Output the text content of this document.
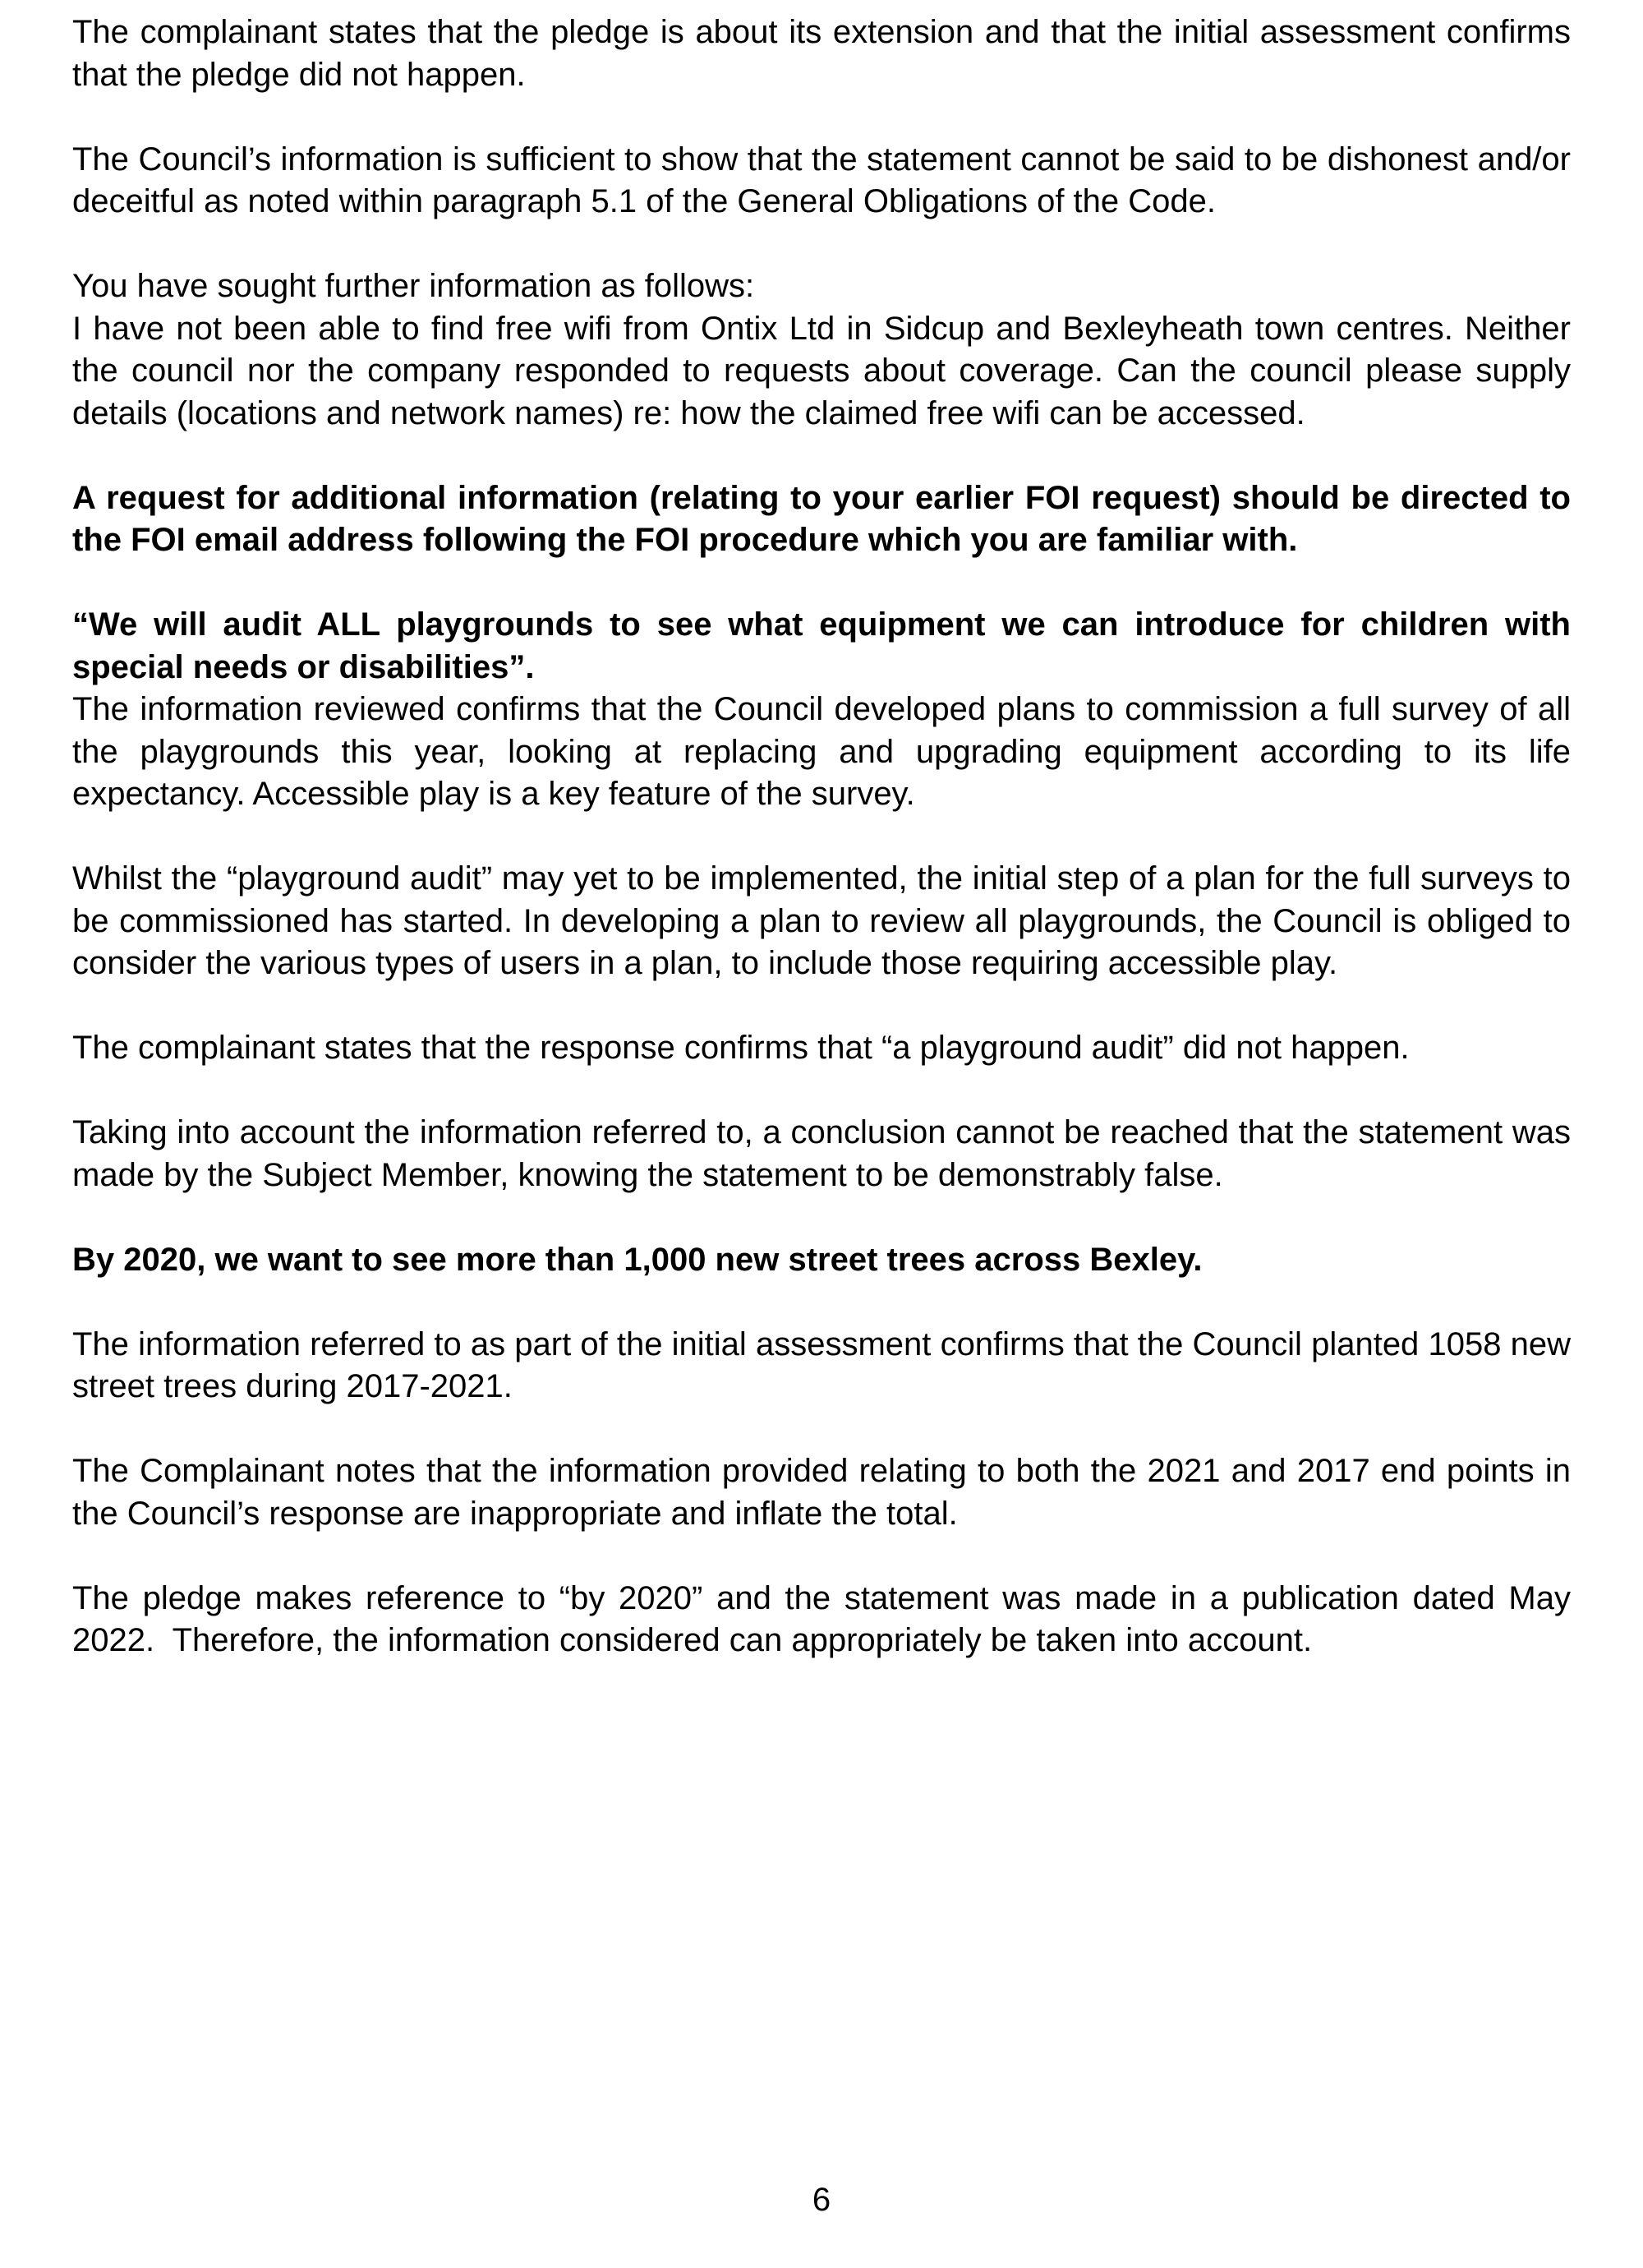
The complainant states that the pledge is about its extension and that the initial assessment confirms that the pledge did not happen.

The Council’s information is sufficient to show that the statement cannot be said to be dishonest and/or deceitful as noted within paragraph 5.1 of the General Obligations of the Code.

You have sought further information as follows:

I have not been able to find free wifi from Ontix Ltd in Sidcup and Bexleyheath town centres. Neither the council nor the company responded to requests about coverage. Can the council please supply details (locations and network names) re: how the claimed free wifi can be accessed.

A request for additional information (relating to your earlier FOI request) should be directed to the FOI email address following the FOI procedure which you are familiar with.

“We will audit ALL playgrounds to see what equipment we can introduce for children with special needs or disabilities”.

The information reviewed confirms that the Council developed plans to commission a full survey of all the playgrounds this year, looking at replacing and upgrading equipment according to its life expectancy. Accessible play is a key feature of the survey.

Whilst the “playground audit” may yet to be implemented, the initial step of a plan for the full surveys to be commissioned has started. In developing a plan to review all playgrounds, the Council is obliged to consider the various types of users in a plan, to include those requiring accessible play.

The complainant states that the response confirms that “a playground audit” did not happen.

Taking into account the information referred to, a conclusion cannot be reached that the statement was made by the Subject Member, knowing the statement to be demonstrably false.

By 2020, we want to see more than 1,000 new street trees across Bexley.

The information referred to as part of the initial assessment confirms that the Council planted 1058 new street trees during 2017-2021.

The Complainant notes that the information provided relating to both the 2021 and 2017 end points in the Council’s response are inappropriate and inflate the total.

The pledge makes reference to “by 2020” and the statement was made in a publication dated May 2022.  Therefore, the information considered can appropriately be taken into account.

6
